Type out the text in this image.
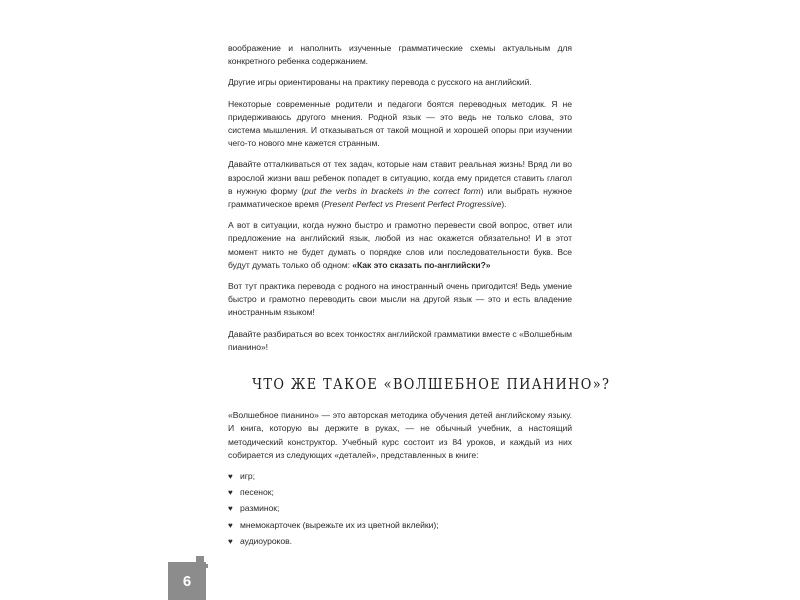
воображение и наполнить изученные грамматические схемы актуальным для конкретного ребенка содержанием.

Другие игры ориентированы на практику перевода с русского на английский.

Некоторые современные родители и педагоги боятся переводных методик. Я не придерживаюсь другого мнения. Родной язык — это ведь не только слова, это система мышления. И отказываться от такой мощной и хорошей опоры при изучении чего-то нового мне кажется странным.

Давайте отталкиваться от тех задач, которые нам ставит реальная жизнь! Вряд ли во взрослой жизни ваш ребенок попадет в ситуацию, когда ему придется ставить глагол в нужную форму (put the verbs in brackets in the correct form) или выбрать нужное грамматическое время (Present Perfect vs Present Perfect Progressive).

А вот в ситуации, когда нужно быстро и грамотно перевести свой вопрос, ответ или предложение на английский язык, любой из нас окажется обязательно! И в этот момент никто не будет думать о порядке слов или последовательности букв. Все будут думать только об одном: «Как это сказать по-английски?»

Вот тут практика перевода с родного на иностранный очень пригодится! Ведь умение быстро и грамотно переводить свои мысли на другой язык — это и есть владение иностранным языком!

Давайте разбираться во всех тонкостях английской грамматики вместе с «Волшебным пианино»!

ЧТО ЖЕ ТАКОЕ «ВОЛШЕБНОЕ ПИАНИНО»?

«Волшебное пианино» — это авторская методика обучения детей английскому языку. И книга, которую вы держите в руках, — не обычный учебник, а настоящий методический конструктор. Учебный курс состоит из 84 уроков, и каждый из них собирается из следующих «деталей», представленных в книге:

♥ игр;
♥ песенок;
♥ разминок;
♥ мнемокарточек (вырежьте их из цветной вклейки);
♥ аудиоуроков.
6
